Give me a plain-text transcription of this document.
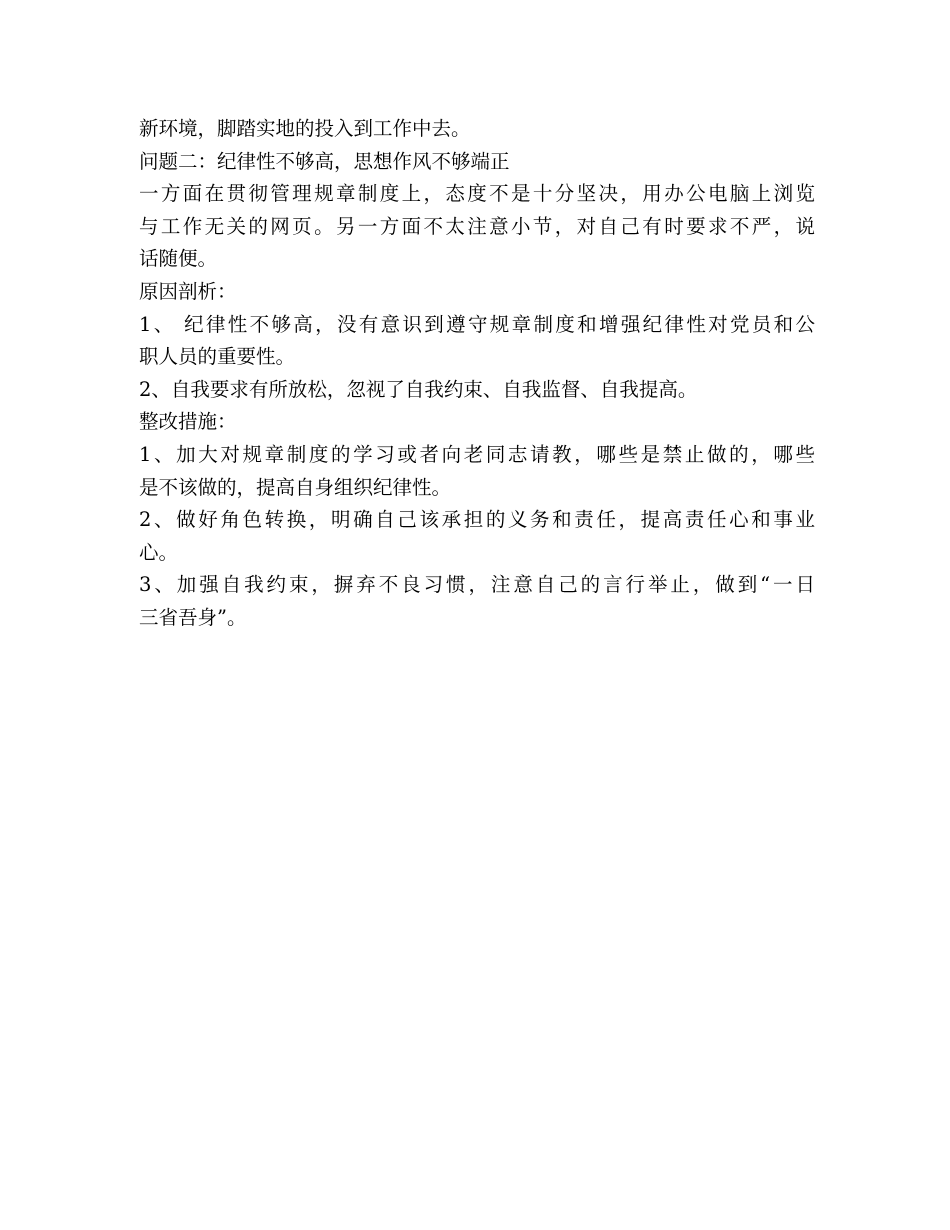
新环境，脚踏实地的投入到工作中去。
问题二：纪律性不够高，思想作风不够端正
一方面在贯彻管理规章制度上，态度不是十分坚决，用办公电脑上浏览
与工作无关的网页。另一方面不太注意小节，对自己有时要求不严，说
话随便。
原因剖析：
1、 纪律性不够高，没有意识到遵守规章制度和增强纪律性对党员和公
职人员的重要性。
2、自我要求有所放松，忽视了自我约束、自我监督、自我提高。
整改措施：
1、加大对规章制度的学习或者向老同志请教，哪些是禁止做的，哪些
是不该做的，提高自身组织纪律性。
2、做好角色转换，明确自己该承担的义务和责任，提高责任心和事业
心。
3、加强自我约束，摒弃不良习惯，注意自己的言行举止，做到“一日
三省吾身”。
